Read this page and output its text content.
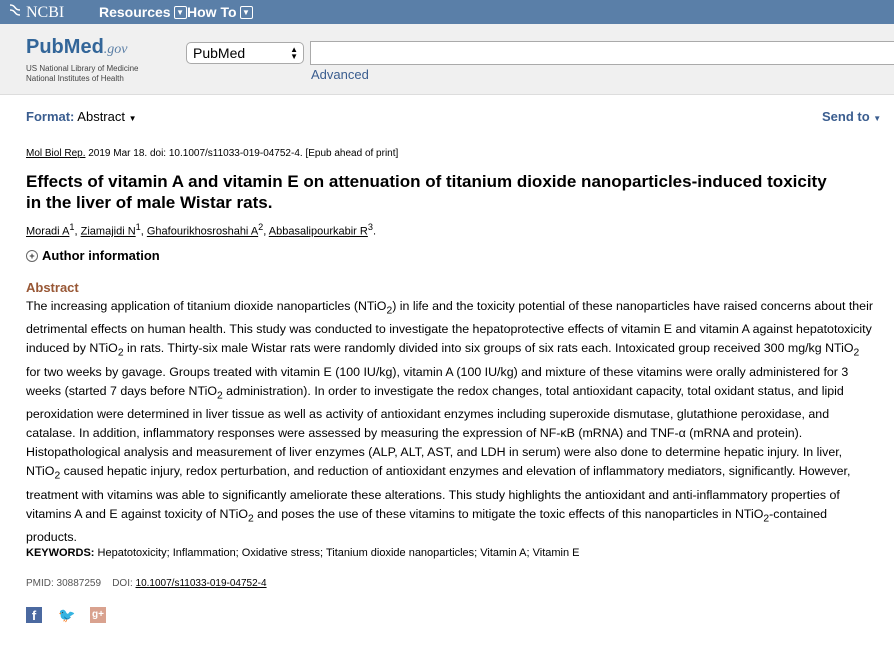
NCBI Resources ▼ How To ▼
PubMed.gov
US National Library of Medicine
National Institutes of Health
PubMed	▲
▼
Advanced
Format: Abstract ▼	Send to ▼
Mol Biol Rep. 2019 Mar 18. doi: 10.1007/s11033-019-04752-4. [Epub ahead of print]
Effects of vitamin A and vitamin E on attenuation of titanium dioxide nanoparticles-induced toxicity in the liver of male Wistar rats.
Moradi $A^1$, Ziamajidi $N^1$, Ghafourikhosroshahi $A^2$, Abbasalipourkabir $R^3$.
+ Author information
Abstract
The increasing application of titanium dioxide nanoparticles (NTiO$_2$) in life and the toxicity potential of these nanoparticles have raised concerns about their detrimental effects on human health. This study was conducted to investigate the hepatoprotective effects of vitamin E and vitamin A against hepatotoxicity induced by NTiO$_2$ in rats. Thirty-six male Wistar rats were randomly divided into six groups of six rats each. Intoxicated group received 300 mg/kg NTiO$_2$ for two weeks by gavage. Groups treated with vitamin E (100 IU/kg), vitamin A (100 IU/kg) and mixture of these vitamins were orally administered for 3 weeks (started 7 days before NTiO$_2$ administration). In order to investigate the redox changes, total antioxidant capacity, total oxidant status, and lipid peroxidation were determined in liver tissue as well as activity of antioxidant enzymes including superoxide dismutase, glutathione peroxidase, and catalase. In addition, inflammatory responses were assessed by measuring the expression of NF-κB (mRNA) and TNF-α (mRNA and protein). Histopathological analysis and measurement of liver enzymes (ALP, ALT, AST, and LDH in serum) were also done to determine hepatic injury. In liver, NTiO$_2$ caused hepatic injury, redox perturbation, and reduction of antioxidant enzymes and elevation of inflammatory mediators, significantly. However, treatment with vitamins was able to significantly ameliorate these alterations. This study highlights the antioxidant and anti-inflammatory properties of vitamins A and E against toxicity of NTiO$_2$ and poses the use of these vitamins to mitigate the toxic effects of this nanoparticles in NTiO$_2$-contained products.
KEYWORDS: Hepatotoxicity; Inflammation; Oxidative stress; Titanium dioxide nanoparticles; Vitamin A; Vitamin E
PMID: 30887259 DOI: 10.1007/s11033-019-04752-4
f	🐦 g+
